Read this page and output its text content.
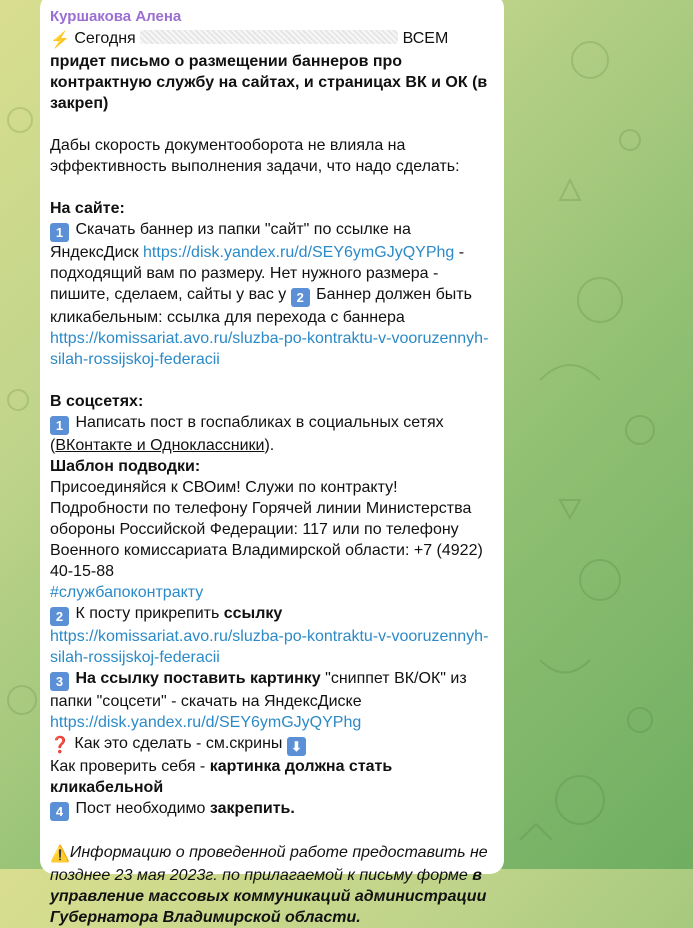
Куршакова Алена

⚡ Сегодня	ВСЕМ придет письмо о размещении баннеров про контрактную службу на сайтах, и страницах ВК и ОК (в закреп)

Дабы скорость документооборота не влияла на эффективность выполнения задачи, что надо сделать:

На сайте:

1 Скачать баннер из папки "сайт" по ссылке на ЯндексДиск https://disk.yandex.ru/d/SEY6ymGJyQYPhg - подходящий вам по размеру. Нет нужного размера - пишите, сделаем, сайты у вас у 2 Баннер должен быть кликабельным: ссылка для перехода с баннера https://komissariat.avo.ru/sluzba-po-kontraktu-v-vooruzennyh-silah-rossijskoj-federacii

В соцсетях:

1 Написать пост в госпабликах в социальных сетях (ВКонтакте и Одноклассники).

Шаблон подводки:

Присоединяйся к СВОим! Служи по контракту! Подробности по телефону Горячей линии Министерства обороны Российской Федерации: 117 или по телефону Военного комиссариата Владимирской области: +7 (4922) 40-15-88

#службапоконтракту

2 К посту прикрепить ссылку https://komissariat.avo.ru/sluzba-po-kontraktu-v-vooruzennyh-silah-rossijskoj-federacii

3 На ссылку поставить картинку "сниппет ВК/ОК" из папки "соцсети" - скачать на ЯндексДиске https://disk.yandex.ru/d/SEY6ymGJyQYPhg

❓ Как это сделать - см.скрины ⬇

Как проверить себя - картинка должна стать кликабельной

4 Пост необходимо закрепить.

⚠️Информацию о проведенной работе предоставить не позднее 23 мая 2023г. по прилагаемой к письму форме в управление массовых коммуникаций администрации Губернатора Владимирской области.
